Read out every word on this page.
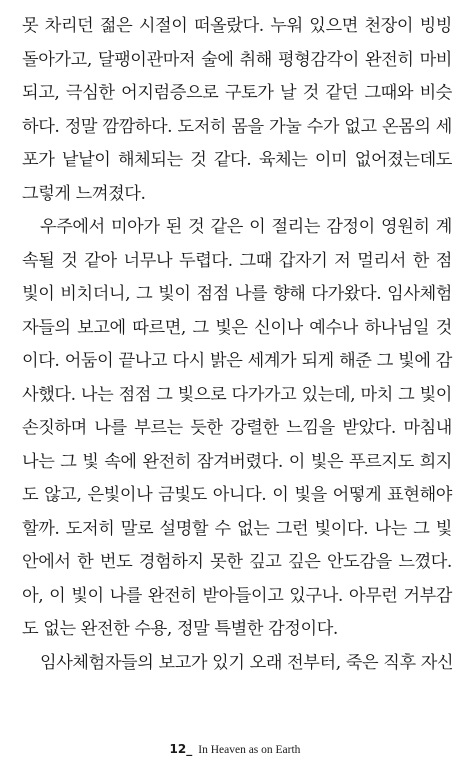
못 차리던 젊은 시절이 떠올랐다. 누워 있으면 천장이 빙빙
돌아가고, 달팽이관마저 술에 취해 평형감각이 완전히 마비
되고, 극심한 어지럼증으로 구토가 날 것 같던 그때와 비슷
하다. 정말 깜깜하다. 도저히 몸을 가눌 수가 없고 온몸의 세
포가 낱낱이 해체되는 것 같다. 육체는 이미 없어졌는데도
그렇게 느껴졌다.
우주에서 미아가 된 것 같은 이 절리는 감정이 영원히 계
속될 것 같아 너무나 두렵다. 그때 갑자기 저 멀리서 한 점
빛이 비치더니, 그 빛이 점점 나를 향해 다가왔다. 임사체험
자들의 보고에 따르면, 그 빛은 신이나 예수나 하나님일 것
이다. 어둠이 끝나고 다시 밝은 세계가 되게 해준 그 빛에 감
사했다. 나는 점점 그 빛으로 다가가고 있는데, 마치 그 빛이
손짓하며 나를 부르는 듯한 강렬한 느낌을 받았다. 마침내
나는 그 빛 속에 완전히 잠겨버렸다. 이 빛은 푸르지도 희지
도 않고, 은빛이나 금빛도 아니다. 이 빛을 어떻게 표현해야
할까. 도저히 말로 설명할 수 없는 그런 빛이다. 나는 그 빛
안에서 한 번도 경험하지 못한 깊고 깊은 안도감을 느꼈다.
아, 이 빛이 나를 완전히 받아들이고 있구나. 아무런 거부감
도 없는 완전한 수용, 정말 특별한 감정이다.
임사체험자들의 보고가 있기 오래 전부터, 죽은 직후 자신
12_ In Heaven as on Earth
